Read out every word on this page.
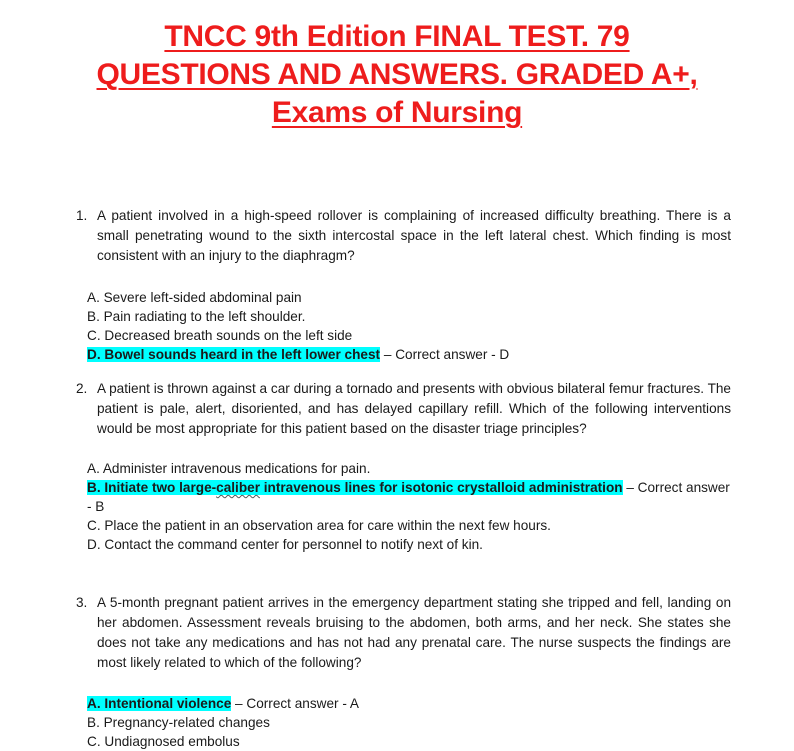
TNCC 9th Edition FINAL TEST. 79
QUESTIONS AND ANSWERS. GRADED A+,
Exams of Nursing
1. A patient involved in a high-speed rollover is complaining of increased difficulty breathing. There is a small penetrating wound to the sixth intercostal space in the left lateral chest. Which finding is most consistent with an injury to the diaphragm?
A. Severe left-sided abdominal pain
B. Pain radiating to the left shoulder.
C. Decreased breath sounds on the left side
D. Bowel sounds heard in the left lower chest – Correct answer - D
2. A patient is thrown against a car during a tornado and presents with obvious bilateral femur fractures. The patient is pale, alert, disoriented, and has delayed capillary refill. Which of the following interventions would be most appropriate for this patient based on the disaster triage principles?
A. Administer intravenous medications for pain.
B. Initiate two large-caliber intravenous lines for isotonic crystalloid administration – Correct answer - B
C. Place the patient in an observation area for care within the next few hours.
D. Contact the command center for personnel to notify next of kin.
3. A 5-month pregnant patient arrives in the emergency department stating she tripped and fell, landing on her abdomen. Assessment reveals bruising to the abdomen, both arms, and her neck. She states she does not take any medications and has not had any prenatal care. The nurse suspects the findings are most likely related to which of the following?
A. Intentional violence – Correct answer - A
B. Pregnancy-related changes
C. Undiagnosed embolus
